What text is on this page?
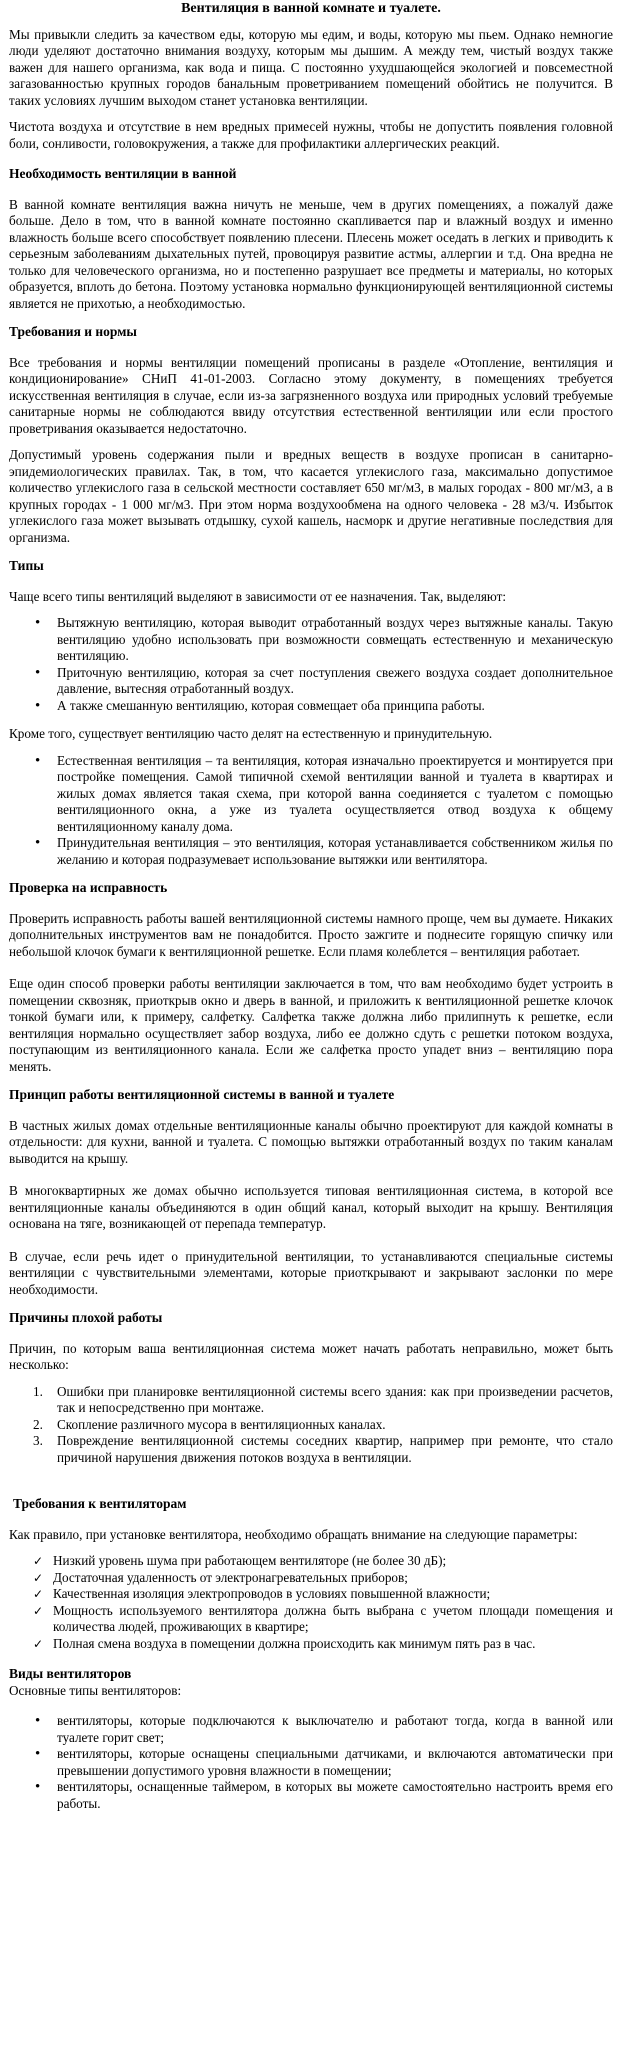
Вентиляция в ванной комнате и туалете.

Мы привыкли следить за качеством еды, которую мы едим, и воды, которую мы пьем. Однако немногие люди уделяют достаточно внимания воздуху, которым мы дышим. А между тем, чистый воздух также важен для нашего организма, как вода и пища. С постоянно ухудшающейся экологией и повсеместной загазованностью крупных городов банальным проветриванием помещений обойтись не получится. В таких условиях лучшим выходом станет установка вентиляции.

Чистота воздуха и отсутствие в нем вредных примесей нужны, чтобы не допустить появления головной боли, сонливости, головокружения, а также для профилактики аллергических реакций.

Необходимость вентиляции в ванной

В ванной комнате вентиляция важна ничуть не меньше, чем в других помещениях, а пожалуй даже больше. Дело в том, что в ванной комнате постоянно скапливается пар и влажный воздух и именно влажность больше всего способствует появлению плесени. Плесень может оседать в легких и приводить к серьезным заболеваниям дыхательных путей, провоцируя развитие астмы, аллергии и т.д. Она вредна не только для человеческого организма, но и постепенно разрушает все предметы и материалы, но которых образуется, вплоть до бетона. Поэтому установка нормально функционирующей вентиляционной системы является не прихотью, а необходимостью.

Требования и нормы

Все требования и нормы вентиляции помещений прописаны в разделе «Отопление, вентиляция и кондиционирование» СНиП 41-01-2003. Согласно этому документу, в помещениях требуется искусственная вентиляция в случае, если из-за загрязненного воздуха или природных условий требуемые санитарные нормы не соблюдаются ввиду отсутствия естественной вентиляции или если простого проветривания оказывается недостаточно.

Допустимый уровень содержания пыли и вредных веществ в воздухе прописан в санитарно-эпидемиологических правилах. Так, в том, что касается углекислого газа, максимально допустимое количество углекислого газа в сельской местности составляет 650 мг/м3, в малых городах - 800 мг/м3, а в крупных городах - 1 000 мг/м3. При этом норма воздухообмена на одного человека - 28 м3/ч. Избыток углекислого газа может вызывать отдышку, сухой кашель, насморк и другие негативные последствия для организма.

Типы

Чаще всего типы вентиляций выделяют в зависимости от ее назначения. Так, выделяют:

• Вытяжную вентиляцию, которая выводит отработанный воздух через вытяжные каналы. Такую вентиляцию удобно использовать при возможности совмещать естественную и механическую вентиляцию.
• Приточную вентиляцию, которая за счет поступления свежего воздуха создает дополнительное давление, вытесняя отработанный воздух.
• А также смешанную вентиляцию, которая совмещает оба принципа работы.

Кроме того, существует вентиляцию часто делят на естественную и принудительную.

• Естественная вентиляция – та вентиляция, которая изначально проектируется и монтируется при постройке помещения. Самой типичной схемой вентиляции ванной и туалета в квартирах и жилых домах является такая схема, при которой ванна соединяется с туалетом с помощью вентиляционного окна, а уже из туалета осуществляется отвод воздуха к общему вентиляционному каналу дома.
• Принудительная вентиляция – это вентиляция, которая устанавливается собственником жилья по желанию и которая подразумевает использование вытяжки или вентилятора.
Проверка на исправность

Проверить исправность работы вашей вентиляционной системы намного проще, чем вы думаете. Никаких дополнительных инструментов вам не понадобится. Просто зажгите и поднесите горящую спичку или небольшой клочок бумаги к вентиляционной решетке. Если пламя колеблется – вентиляция работает.

Еще один способ проверки работы вентиляции заключается в том, что вам необходимо будет устроить в помещении сквозняк, приоткрыв окно и дверь в ванной, и приложить к вентиляционной решетке клочок тонкой бумаги или, к примеру, салфетку. Салфетка также должна либо прилипнуть к решетке, если вентиляция нормально осуществляет забор воздуха, либо ее должно сдуть с решетки потоком воздуха, поступающим из вентиляционного канала. Если же салфетка просто упадет вниз – вентиляцию пора менять.

Принцип работы вентиляционной системы в ванной и туалете

В частных жилых домах отдельные вентиляционные каналы обычно проектируют для каждой комнаты в отдельности: для кухни, ванной и туалета. С помощью вытяжки отработанный воздух по таким каналам выводится на крышу.

В многоквартирных же домах обычно используется типовая вентиляционная система, в которой все вентиляционные каналы объединяются в один общий канал, который выходит на крышу. Вентиляция основана на тяге, возникающей от перепада температур.

В случае, если речь идет о принудительной вентиляции, то устанавливаются специальные системы вентиляции с чувствительными элементами, которые приоткрывают и закрывают заслонки по мере необходимости.

Причины плохой работы

Причин, по которым ваша вентиляционная система может начать работать неправильно, может быть несколько:

Ошибки при планировке вентиляционной системы всего здания: как при произведении расчетов, так и непосредственно при монтаже.
Скопление различного мусора в вентиляционных каналах.
Повреждение вентиляционной системы соседних квартир, например при ремонте, что стало причиной нарушения движения потоков воздуха в вентиляции.
Требования к вентиляторам

Как правило, при установке вентилятора, необходимо обращать внимание на следующие параметры:

✓ Низкий уровень шума при работающем вентиляторе (не более 30 дБ);
✓ Достаточная удаленность от электронагревательных приборов;
✓ Качественная изоляция электропроводов в условиях повышенной влажности;
✓ Мощность используемого вентилятора должна быть выбрана с учетом площади помещения и количества людей, проживающих в квартире;
✓ Полная смена воздуха в помещении должна происходить как минимум пять раз в час.
Виды вентиляторов

Основные типы вентиляторов:

• вентиляторы, которые подключаются к выключателю и работают тогда, когда в ванной или туалете горит свет;
• вентиляторы, которые оснащены специальными датчиками, и включаются автоматически при превышении допустимого уровня влажности в помещении;
• вентиляторы, оснащенные таймером, в которых вы можете самостоятельно настроить время его работы.
